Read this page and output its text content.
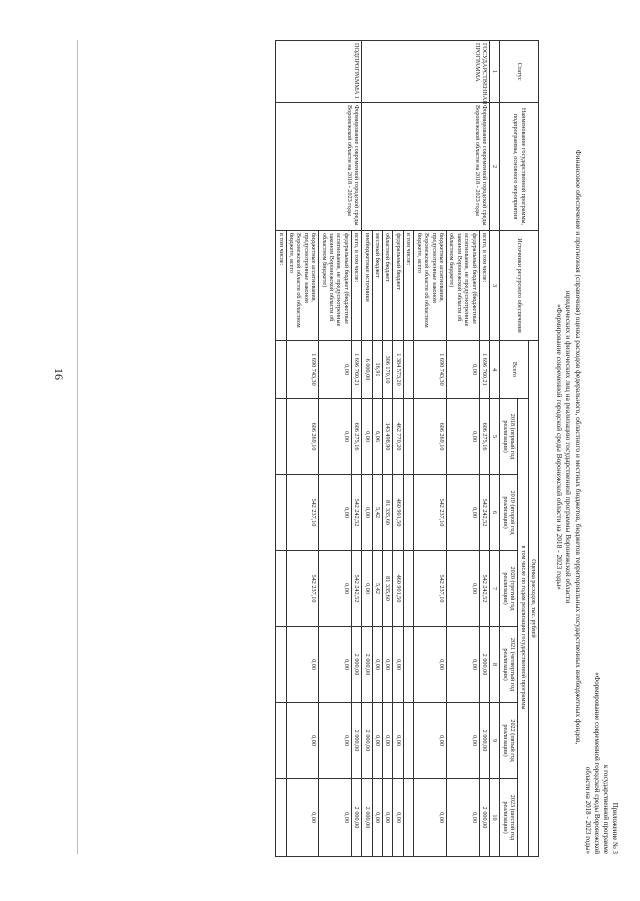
16
Приложение № 3
к государственной программе
«Формирование современной городской среды Воронежской
области на 2018 - 2023 годы»
Финансовое обеспечение и прогнозная (справочная) оценка расходов федерального, областного и местных бюджетов, бюджетов территориальных государственных внебюджетных фондов,
юридических и физических лиц на реализацию государственной программы Воронежской области
«Формирование современной городской среды Воронежской области на 2018 - 2023 годы»
Статус	Наименование государственной программы, подпрограммы, основного мероприятия	Источники ресурсного обеспечения	Оценка расходов, тыс. рублей						
			Всего	в том числе по годам реализации государственной программы					
				2018 (первый год реализации)	2019 (второй год реализации)	2020 (третий год реализации)	2021 (четвертый год реализации)	2022 (пятый год реализации)	2023 (шестой год реализации)
1	2	3	4	5	6	7	8	9	10
ГОСУДАРСТВЕННАЯ ПРОГРАММА	Формирование современной городской среды Воронежской области на 2018 - 2023 годы	всего, в том числе:	1 696 760,21	606 275,16	542 242,52	542 242,52	2 000,00	2 000,00	2 000,00
		федеральный бюджет (бюджетные ассигнования, не предусмотренные законом Воронежской области об областном бюджете)	0,00	0,00	0,00	0,00	0,00	0,00	0,00
		бюджетные ассигнования, предусмотренные законом Воронежской области об областном бюджете, всего	1 690 743,30	606 269,10	542 237,10	542 237,10	0,00	0,00	0,00
		в том числе:							
		федеральный бюджет	1 384 573,20	462 770,20	460 901,50	460 901,50	0,00	0,00	0,00
		областной бюджет	306 170,10	143 498,90	81 335,60	81 335,60	0,00	0,00	0,00
		местный бюджет	16,91	6,06	5,42	5,42	0,00	0,00	0,00
		внебюджетные источники	6 000,00	0,00	0,00	0,00	2 000,00	2 000,00	2 000,00
ПОДПРОГРАММА 1	Формирование современной городской среды Воронежской области на 2018 - 2023 годы	всего, в том числе:	1 696 760,21	606 275,16	542 242,52	542 242,52	2 000,00	2 000,00	2 000,00
		федеральный бюджет (бюджетные ассигнования, не предусмотренные законом Воронежской области об областном бюджете)	0,00	0,00	0,00	0,00	0,00	0,00	0,00
		бюджетные ассигнования, предусмотренные законом Воронежской области об областном бюджете, всего	1 690 743,30	606 269,10	542 237,10	542 237,10	0,00	0,00	0,00
		в том числе:							
